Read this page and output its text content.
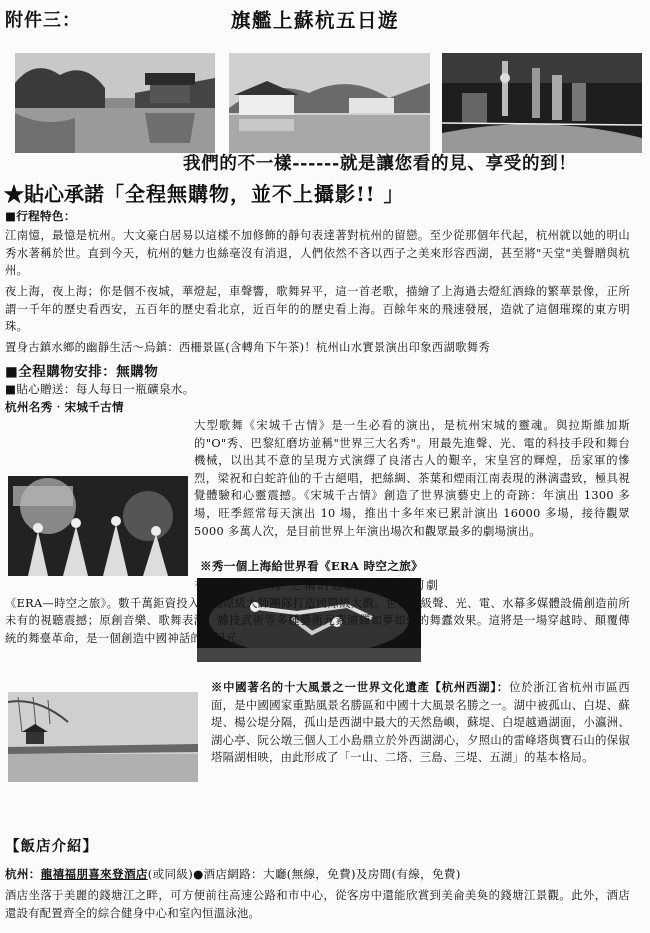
附件三：	旗艦上蘇杭五日遊
我們的不一樣------就是讓您看的見、享受的到！
★貼心承諾「全程無購物，並不上攝影!! 」
■行程特色：
江南憶，最憶是杭州。大文豪白居易以這樣不加修飾的靜句表達著對杭州的留戀。至少從那個年代起，杭州就以她的明山秀水著稱於世。直到今天，杭州的魅力也絲毫沒有消退，人們依然不吝以西子之美來形容西湖，甚至將"天堂"美譽贈與杭州。
夜上海，夜上海；你是個不夜城，華燈起，車聲響，歌舞昇平，這一首老歌，描繪了上海過去燈紅酒綠的繁華景像，正所謂一千年的歷史看西安，五百年的歷史看北京，近百年的的歷史看上海。百餘年來的飛速發展，造就了這個璀璨的東方明珠。
置身古鎮水鄉的幽靜生活～烏鎮：西柵景區(含轉角下午茶)！杭州山水實景演出印象西湖歌舞秀
■全程購物安排：無購物
■貼心贈送：每人每日一瓶礦泉水。
杭州名秀‧宋城千古情
大型歌舞《宋城千古情》是一生必看的演出，是杭州宋城的靈魂。與拉斯維加斯的"O"秀、巴黎紅磨坊並稱"世界三大名秀"。用最先進聲、光、電的科技手段和舞台機械，以出其不意的呈現方式演繹了良渚古人的艱辛，宋皇宮的輝煌，岳家軍的慘烈，梁祝和白蛇許仙的千古絕唱，把絲綢、茶葉和煙雨江南表現的淋漓盡致，極具視覺體驗和心靈震撼。《宋城千古情》創造了世界演藝史上的奇跡：年演出 1300 多場，旺季經常每天演出 10 場，推出十多年來已累計演出 16000 多場，接待觀眾 5000 多萬人次，是目前世界上年演出場次和觀眾最多的劇場演出。
※秀一個上海給世界看《ERA 時空之旅》
有"中國第一秀"之稱的超級多媒體夢幻劇《ERA—時空之旅》。數千萬鉅資投入、國際級大師團隊打造國際級大戲。世界頂級聲、光、電、水幕多媒體設備創造前所未有的視聽震撼；原創音樂、歌舞表演、雜技武術等多種藝術元素演繹如夢如幻的舞蠹效果。這將是一場穿越時、顛覆傳統的舞臺革命，是一個創造中國神話的新紀元。
※中國著名的十大風景之一世界文化遺產【杭州西湖】：位於浙江省杭州市區西面，是中國國家重點風景名勝區和中國十大風景名勝之一。湖中被孤山、白堤、蘇堤、楊公堤分隔，孤山是西湖中最大的天然島嶼，蘇堤、白堤越過湖面，小瀛洲、湖心亭、阮公墩三個人工小島鼎立於外西湖湖心，夕照山的雷峰塔與寶石山的保俶塔隔湖相映，由此形成了「一山、二塔、三島、三堤、五湖」的基本格局。
【飯店介紹】
杭州：龍禧福朋喜來登酒店(或同級)●酒店網路：大廳(無線，免費)及房間(有線，免費)
酒店坐落于美麗的錢塘江之畔，可方便前往高速公路和市中心，從客房中還能欣賞到美侖美奐的錢塘江景觀。此外，酒店還設有配置齊全的綜合健身中心和室內恒溫泳池。
